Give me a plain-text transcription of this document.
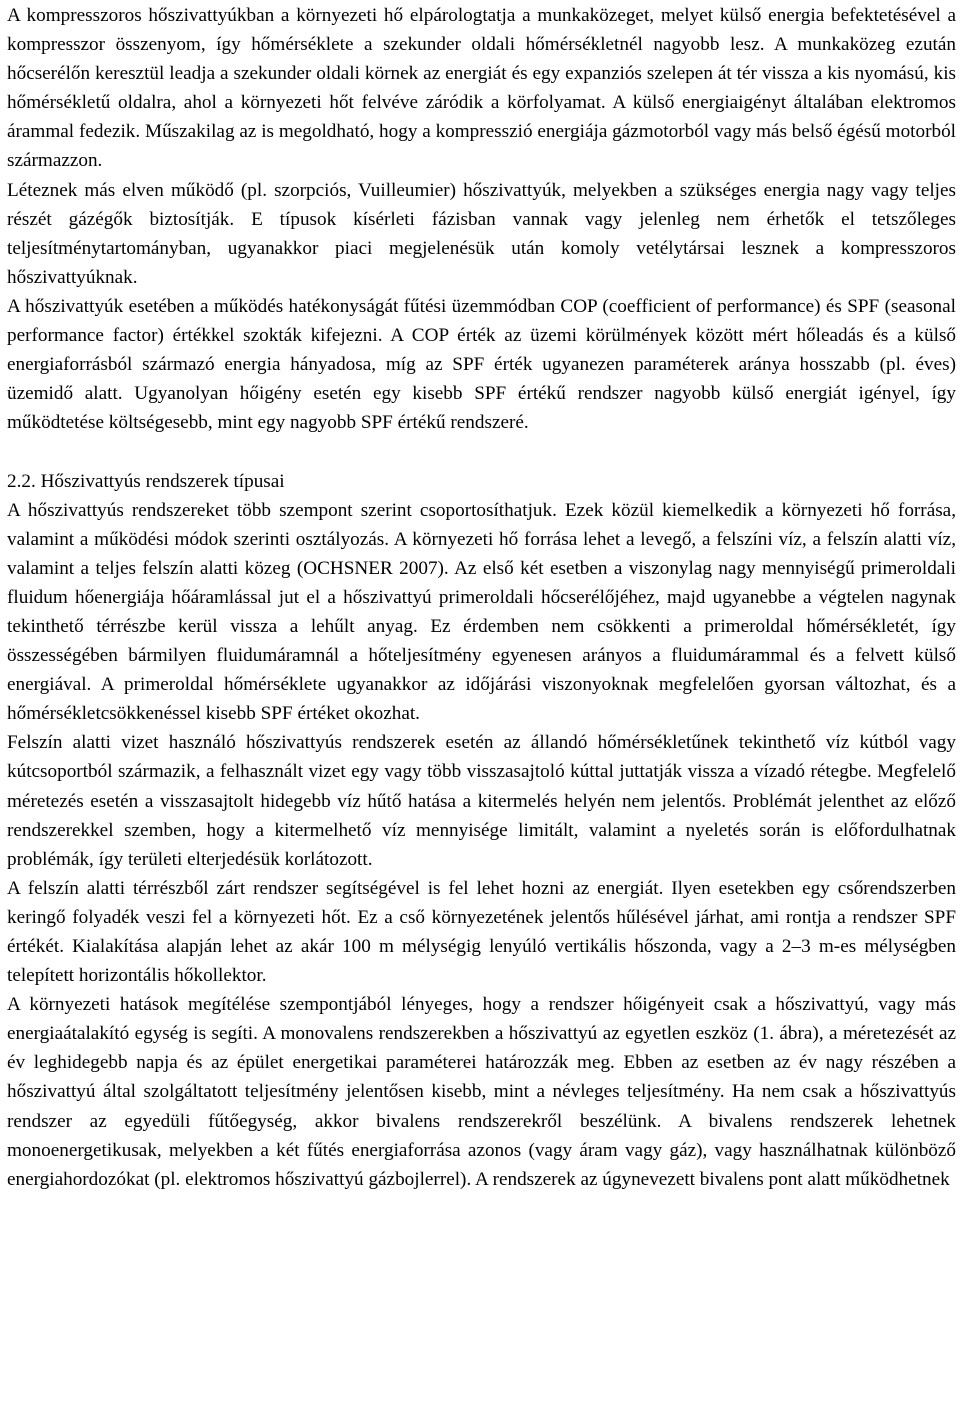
A kompresszoros hőszivattyúkban a környezeti hő elpárologtatja a munkaközeget, melyet külső energia befektetésével a kompresszor összenyom, így hőmérséklete a szekunder oldali hőmérsékletnél nagyobb lesz. A munkaközeg ezután hőcserélőn keresztül leadja a szekunder oldali körnek az energiát és egy expanziós szelepen át tér vissza a kis nyomású, kis hőmérsékletű oldalra, ahol a környezeti hőt felvéve záródik a körfolyamat. A külső energiaigényt általában elektromos árammal fedezik. Műszakilag az is megoldható, hogy a kompresszió energiája gázmotorból vagy más belső égésű motorból származzon.

Léteznek más elven működő (pl. szorpciós, Vuilleumier) hőszivattyúk, melyekben a szükséges energia nagy vagy teljes részét gázégők biztosítják. E típusok kísérleti fázisban vannak vagy jelenleg nem érhetők el tetszőleges teljesítménytartományban, ugyanakkor piaci megjelenésük után komoly vetélytársai lesznek a kompresszoros hőszivattyúknak.

A hőszivattyúk esetében a működés hatékonyságát fűtési üzemmódban COP (coefficient of performance) és SPF (seasonal performance factor) értékkel szokták kifejezni. A COP érték az üzemi körülmények között mért hőleadás és a külső energiaforrásból származó energia hányadosa, míg az SPF érték ugyanezen paraméterek aránya hosszabb (pl. éves) üzemidő alatt. Ugyanolyan hőigény esetén egy kisebb SPF értékű rendszer nagyobb külső energiát igényel, így működtetése költségesebb, mint egy nagyobb SPF értékű rendszeré.

2.2. Hőszivattyús rendszerek típusai

A hőszivattyús rendszereket több szempont szerint csoportosíthatjuk. Ezek közül kiemelkedik a környezeti hő forrása, valamint a működési módok szerinti osztályozás. A környezeti hő forrása lehet a levegő, a felszíni víz, a felszín alatti víz, valamint a teljes felszín alatti közeg (OCHSNER 2007). Az első két esetben a viszonylag nagy mennyiségű primeroldali fluidum hőenergiája hőáramlással jut el a hőszivattyú primeroldali hőcserélőjéhez, majd ugyanebbe a végtelen nagynak tekinthető térrészbe kerül vissza a lehűlt anyag. Ez érdemben nem csökkenti a primeroldal hőmérsékletét, így összességében bármilyen fluidumáramnál a hőteljesítmény egyenesen arányos a fluidumárammal és a felvett külső energiával. A primeroldal hőmérséklete ugyanakkor az időjárási viszonyoknak megfelelően gyorsan változhat, és a hőmérsékletcsökkenéssel kisebb SPF értéket okozhat.

Felszín alatti vizet használó hőszivattyús rendszerek esetén az állandó hőmérsékletűnek tekinthető víz kútból vagy kútcsoportból származik, a felhasznált vizet egy vagy több visszasajtoló kúttal juttatják vissza a vízadó rétegbe. Megfelelő méretezés esetén a visszasajtolt hidegebb víz hűtő hatása a kitermelés helyén nem jelentős. Problémát jelenthet az előző rendszerekkel szemben, hogy a kitermelhető víz mennyisége limitált, valamint a nyeletés során is előfordulhatnak problémák, így területi elterjedésük korlátozott.

A felszín alatti térrészből zárt rendszer segítségével is fel lehet hozni az energiát. Ilyen esetekben egy csőrendszerben keringő folyadék veszi fel a környezeti hőt. Ez a cső környezetének jelentős hűlésével járhat, ami rontja a rendszer SPF értékét. Kialakítása alapján lehet az akár 100 m mélységig lenyúló vertikális hőszonda, vagy a 2–3 m-es mélységben telepített horizontális hőkollektor.

A környezeti hatások megítélése szempontjából lényeges, hogy a rendszer hőigényeit csak a hőszivattyú, vagy más energiaátalakító egység is segíti. A monovalens rendszerekben a hőszivattyú az egyetlen eszköz (1. ábra), a méretezését az év leghidegebb napja és az épület energetikai paraméterei határozzák meg. Ebben az esetben az év nagy részében a hőszivattyú által szolgáltatott teljesítmény jelentősen kisebb, mint a névleges teljesítmény. Ha nem csak a hőszivattyús rendszer az egyedüli fűtőegység, akkor bivalens rendszerekről beszélünk. A bivalens rendszerek lehetnek monoenergetikusak, melyekben a két fűtés energiaforrása azonos (vagy áram vagy gáz), vagy használhatnak különböző energiahordozókat (pl. elektromos hőszivattyú gázbojlerrel). A rendszerek az úgynevezett bivalens pont alatt működhetnek
